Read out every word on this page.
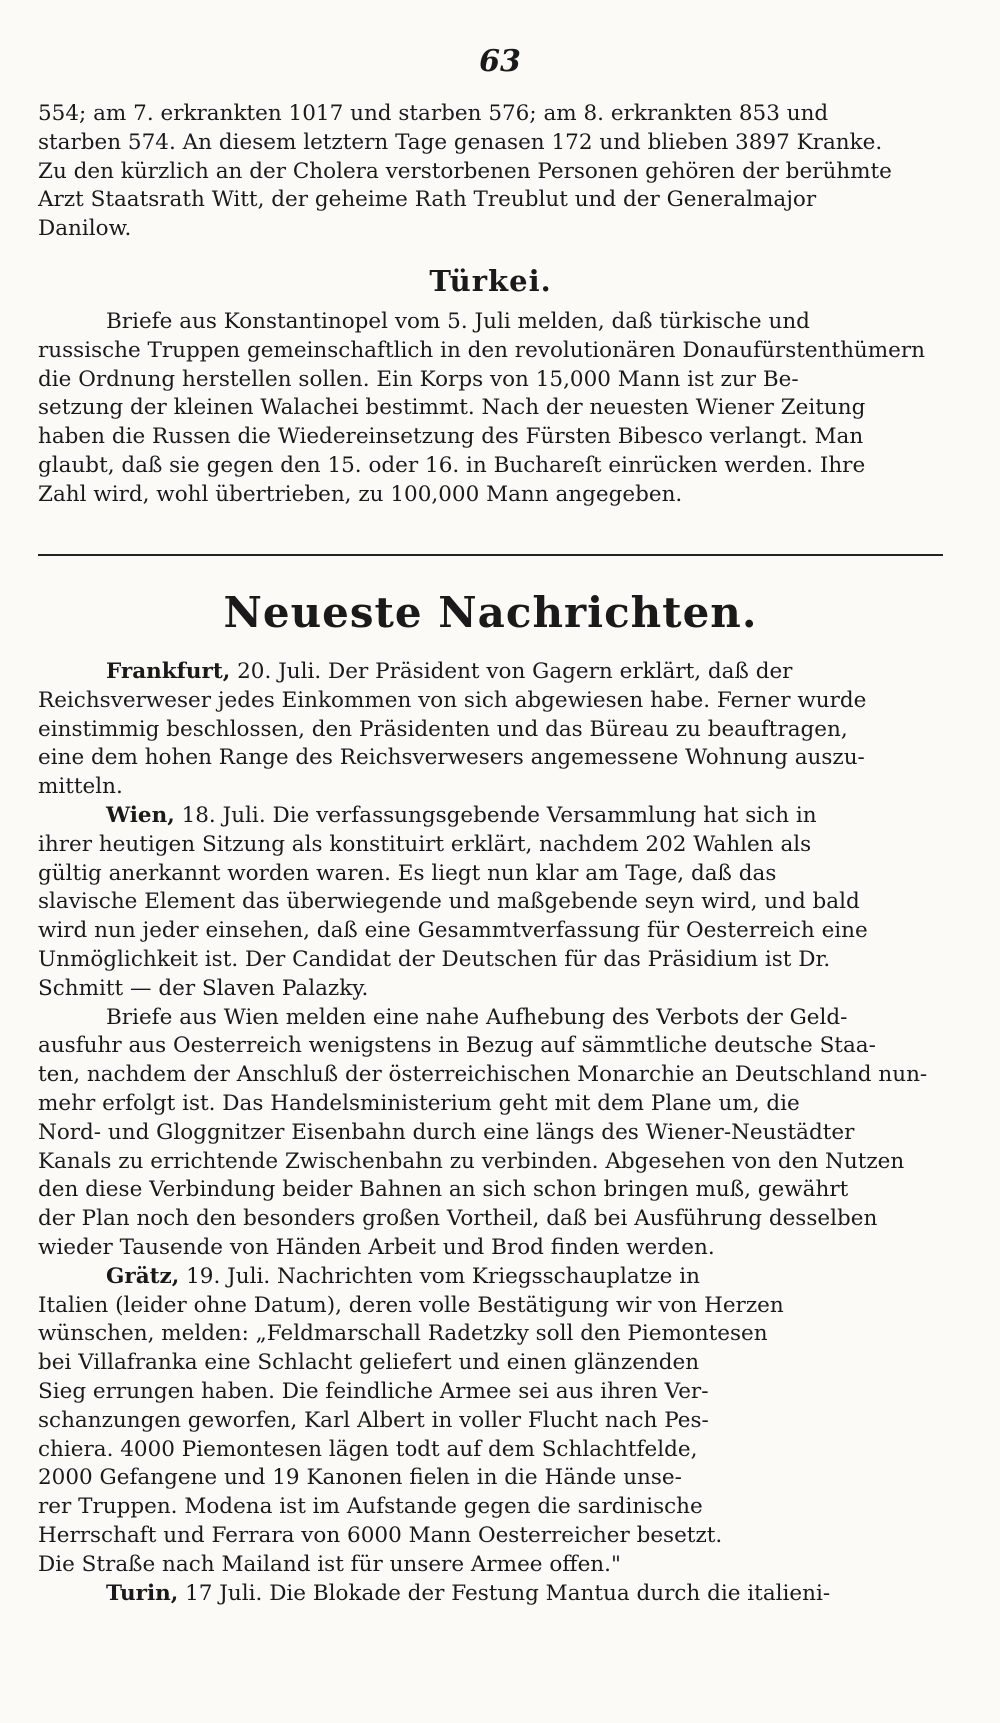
63

554; am 7. erkrankten 1017 und starben 576; am 8. erkrankten 853 und

starben 574. An diesem letztern Tage genasen 172 und blieben 3897 Kranke.

Zu den kürzlich an der Cholera verstorbenen Personen gehören der berühmte

Arzt Staatsrath Witt, der geheime Rath Treublut und der Generalmajor

Danilow.

Türkei.

Briefe aus Konstantinopel vom 5. Juli melden, daß türkische und

russische Truppen gemeinschaftlich in den revolutionären Donaufürstenthümern

die Ordnung herstellen sollen. Ein Korps von 15,000 Mann ist zur Be-

setzung der kleinen Walachei bestimmt. Nach der neuesten Wiener Zeitung

haben die Russen die Wiedereinsetzung des Fürsten Bibesco verlangt. Man

glaubt, daß sie gegen den 15. oder 16. in Buchareſt einrücken werden. Ihre

Zahl wird, wohl übertrieben, zu 100,000 Mann angegeben.

Neueste Nachrichten.

Frankfurt, 20. Juli. Der Präsident von Gagern erklärt, daß der

Reichsverweser jedes Einkommen von sich abgewiesen habe. Ferner wurde

einstimmig beschlossen, den Präsidenten und das Büreau zu beauftragen,

eine dem hohen Range des Reichsverwesers angemessene Wohnung auszu-

mitteln.

Wien, 18. Juli. Die verfassungsgebende Versammlung hat sich in

ihrer heutigen Sitzung als konstituirt erklärt, nachdem 202 Wahlen als

gültig anerkannt worden waren. Es liegt nun klar am Tage, daß das

slavische Element das überwiegende und maßgebende seyn wird, und bald

wird nun jeder einsehen, daß eine Gesammtverfassung für Oesterreich eine

Unmöglichkeit ist. Der Candidat der Deutschen für das Präsidium ist Dr.

Schmitt — der Slaven Palazky.

Briefe aus Wien melden eine nahe Aufhebung des Verbots der Geld-

ausfuhr aus Oesterreich wenigstens in Bezug auf sämmtliche deutsche Staa-

ten, nachdem der Anschluß der österreichischen Monarchie an Deutschland nun-

mehr erfolgt ist. Das Handelsministerium geht mit dem Plane um, die

Nord- und Gloggnitzer Eisenbahn durch eine längs des Wiener-Neustädter

Kanals zu errichtende Zwischenbahn zu verbinden. Abgesehen von den Nutzen

den diese Verbindung beider Bahnen an sich schon bringen muß, gewährt

der Plan noch den besonders großen Vortheil, daß bei Ausführung desselben

wieder Tausende von Händen Arbeit und Brod finden werden.

Grätz, 19. Juli. Nachrichten vom Kriegsschauplatze in

Italien (leider ohne Datum), deren volle Bestätigung wir von Herzen

wünschen, melden: „Feldmarschall Radetzky soll den Piemontesen

bei Villafranka eine Schlacht geliefert und einen glänzenden

Sieg errungen haben. Die feindliche Armee sei aus ihren Ver-

schanzungen geworfen, Karl Albert in voller Flucht nach Pes-

chiera. 4000 Piemontesen lägen todt auf dem Schlachtfelde,

2000 Gefangene und 19 Kanonen fielen in die Hände unse-

rer Truppen. Modena ist im Aufstande gegen die sardinische

Herrschaft und Ferrara von 6000 Mann Oesterreicher besetzt.

Die Straße nach Mailand ist für unsere Armee offen."

Turin, 17 Juli. Die Blokade der Festung Mantua durch die italieni-
